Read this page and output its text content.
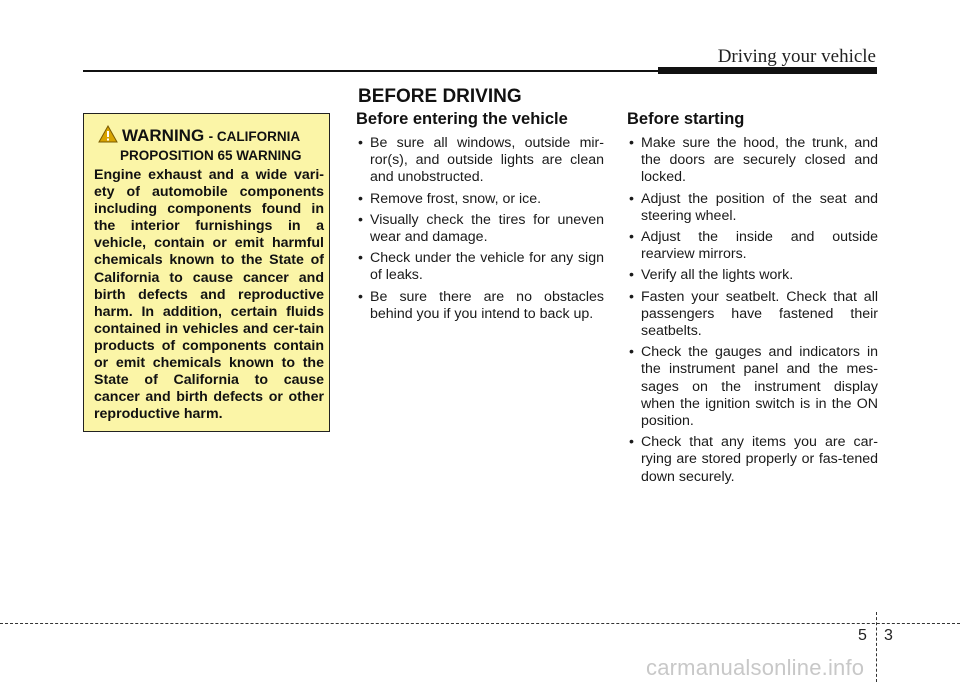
Driving your vehicle
BEFORE DRIVING
WARNING - CALIFORNIA
PROPOSITION 65 WARNING
Engine exhaust and a wide vari-ety of automobile components including components found in the interior furnishings in a vehicle, contain or emit harmful chemicals known to the State of California to cause cancer and birth defects and reproductive harm. In addition, certain fluids contained in vehicles and cer-tain products of components contain or emit chemicals known to the State of California to cause cancer and birth defects or other reproductive harm.
Before entering the vehicle
• Be sure all windows, outside mir-ror(s), and outside lights are clean and unobstructed.
• Remove frost, snow, or ice.
• Visually check the tires for uneven wear and damage.
• Check under the vehicle for any sign of leaks.
• Be sure there are no obstacles behind you if you intend to back up.
Before starting
• Make sure the hood, the trunk, and the doors are securely closed and locked.
• Adjust the position of the seat and steering wheel.
• Adjust the inside and outside rearview mirrors.
• Verify all the lights work.
• Fasten your seatbelt. Check that all passengers have fastened their seatbelts.
• Check the gauges and indicators in the instrument panel and the mes-sages on the instrument display when the ignition switch is in the ON position.
• Check that any items you are car-rying are stored properly or fas-tened down securely.
5 3
carmanualsonline.info
